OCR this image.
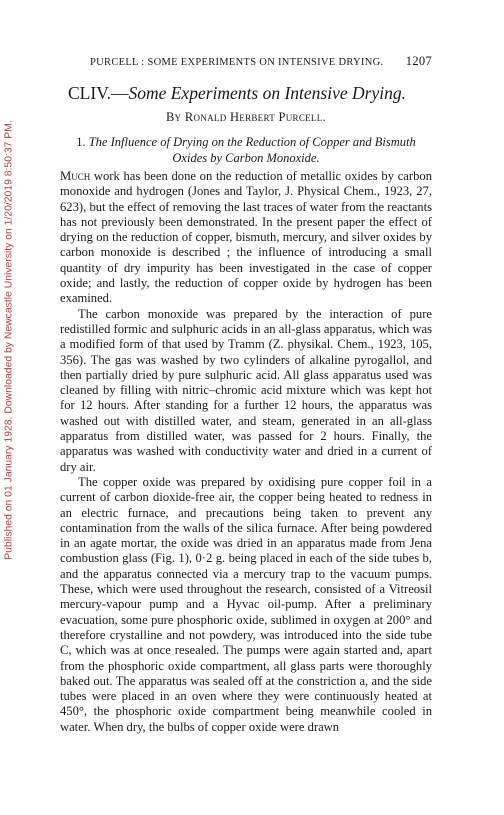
Published on 01 January 1928. Downloaded by Newcastle University on 1/20/2019 8:50:37 PM.
PURCELL : SOME EXPERIMENTS ON INTENSIVE DRYING. 1207
CLIV.—Some Experiments on Intensive Drying.
By Ronald Herbert Purcell.
1. The Influence of Drying on the Reduction of Copper and Bismuth
Oxides by Carbon Monoxide.

Much work has been done on the reduction of metallic oxides by carbon monoxide and hydrogen (Jones and Taylor, J. Physical Chem., 1923, 27, 623), but the effect of removing the last traces of water from the reactants has not previously been demonstrated. In the present paper the effect of drying on the reduction of copper, bismuth, mercury, and silver oxides by carbon monoxide is described ; the influence of introducing a small quantity of dry impurity has been investigated in the case of copper oxide; and lastly, the reduction of copper oxide by hydrogen has been examined.

The carbon monoxide was prepared by the interaction of pure redistilled formic and sulphuric acids in an all-glass apparatus, which was a modified form of that used by Tramm (Z. physikal. Chem., 1923, 105, 356). The gas was washed by two cylinders of alkaline pyrogallol, and then partially dried by pure sulphuric acid. All glass apparatus used was cleaned by filling with nitric–chromic acid mixture which was kept hot for 12 hours. After standing for a further 12 hours, the apparatus was washed out with distilled water, and steam, generated in an all-glass apparatus from distilled water, was passed for 2 hours. Finally, the apparatus was washed with conductivity water and dried in a current of dry air.

The copper oxide was prepared by oxidising pure copper foil in a current of carbon dioxide-free air, the copper being heated to redness in an electric furnace, and precautions being taken to prevent any contamination from the walls of the silica furnace. After being powdered in an agate mortar, the oxide was dried in an apparatus made from Jena combustion glass (Fig. 1), 0·2 g. being placed in each of the side tubes b, and the apparatus connected via a mercury trap to the vacuum pumps. These, which were used throughout the research, consisted of a Vitreosil mercury-vapour pump and a Hyvac oil-pump. After a preliminary evacuation, some pure phosphoric oxide, sublimed in oxygen at 200° and therefore crystalline and not powdery, was introduced into the side tube C, which was at once resealed. The pumps were again started and, apart from the phosphoric oxide compartment, all glass parts were thoroughly baked out. The apparatus was sealed off at the constriction a, and the side tubes were placed in an oven where they were continuously heated at 450°, the phosphoric oxide compartment being meanwhile cooled in water. When dry, the bulbs of copper oxide were drawn
